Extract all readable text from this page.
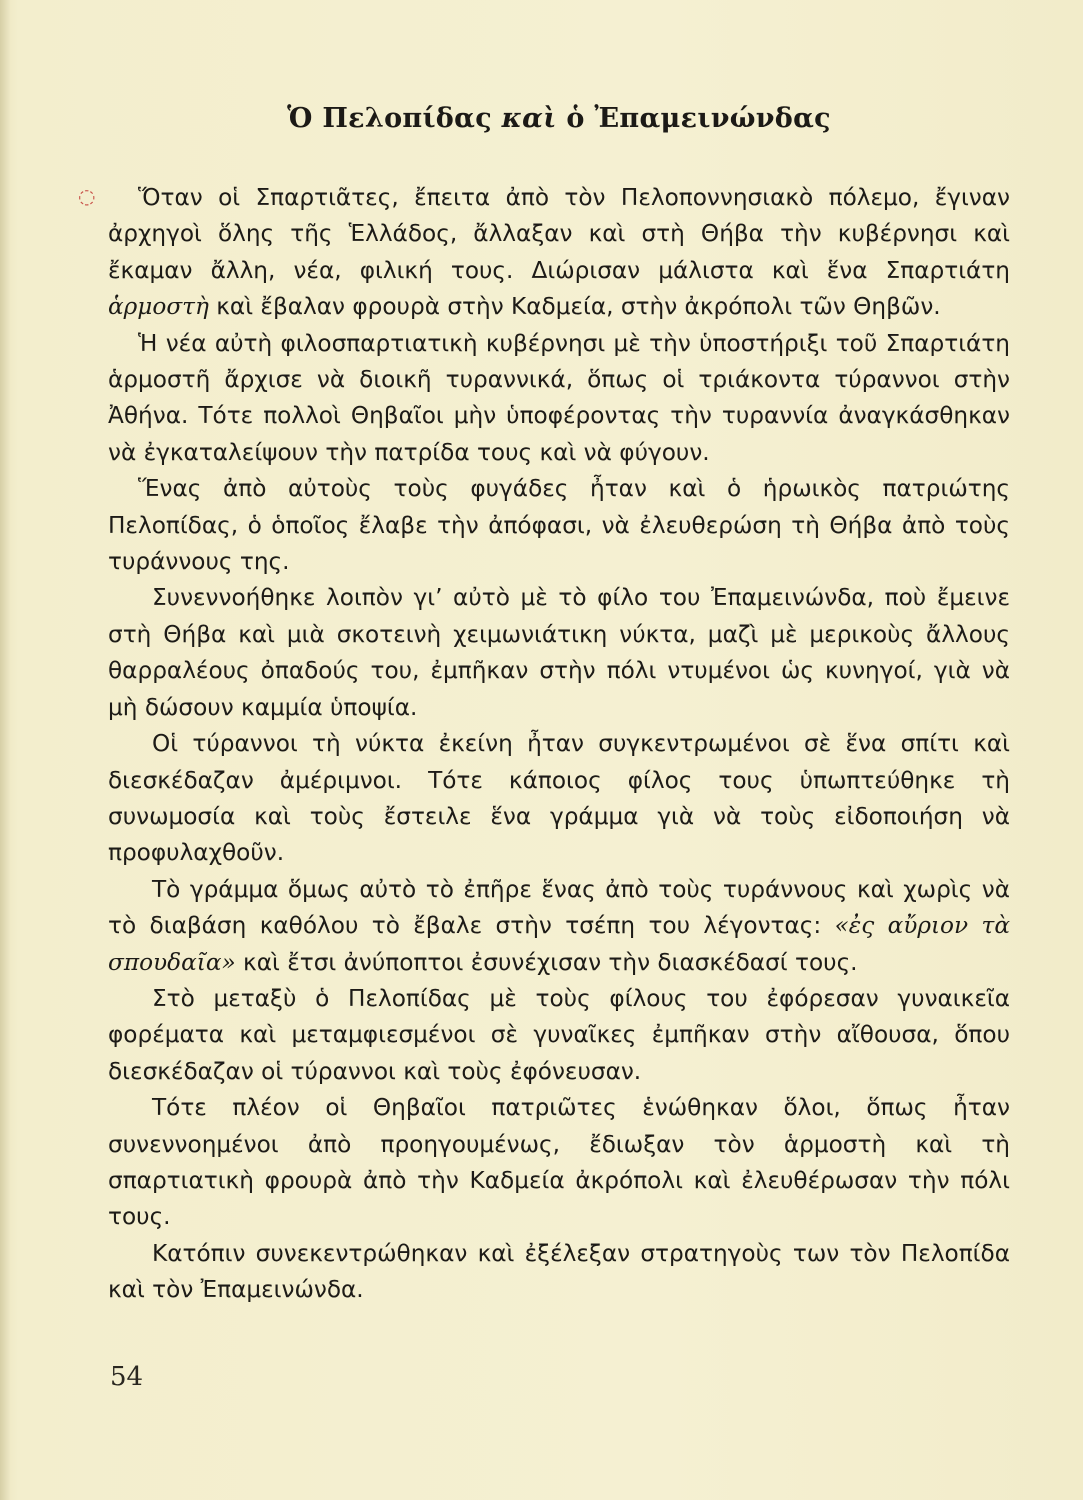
Ὁ Πελοπίδας καὶ ὁ Ἐπαμεινώνδας
◌	Ὅταν οἱ Σπαρτιᾶτες, ἔπειτα ἀπὸ τὸν Πελοποννησιακὸ πόλεμο, ἔγιναν ἀρχηγοὶ ὅλης τῆς Ἑλλάδος, ἄλλαξαν καὶ στὴ Θήβα τὴν κυβέρνησι καὶ ἔκαμαν ἄλλη, νέα, φιλική τους. Διώρισαν μάλιστα καὶ ἕνα Σπαρτιάτη ἁρμοστὴ καὶ ἔβαλαν φρουρὰ στὴν Καδμεία, στὴν ἀκρόπολι τῶν Θηβῶν.

Ἡ νέα αὐτὴ φιλοσπαρτιατικὴ κυβέρνησι μὲ τὴν ὑποστήριξι τοῦ Σπαρτιάτη ἁρμοστῆ ἄρχισε νὰ διοικῆ τυραννικά, ὅπως οἱ τριάκοντα τύραννοι στὴν Ἀθήνα. Τότε πολλοὶ Θηβαῖοι μὴν ὑποφέροντας τὴν τυραννία ἀναγκάσθηκαν νὰ ἐγκαταλείψουν τὴν πατρίδα τους καὶ νὰ φύγουν.

Ἕνας ἀπὸ αὐτοὺς τοὺς φυγάδες ἦταν καὶ ὁ ἡρωικὸς πατριώτης Πελοπίδας, ὁ ὁποῖος ἔλαβε τὴν ἀπόφασι, νὰ ἐλευθερώση τὴ Θήβα ἀπὸ τοὺς τυράννους της.

Συνεννοήθηκε λοιπὸν γι’ αὐτὸ μὲ τὸ φίλο του Ἐπαμεινώνδα, ποὺ ἔμεινε στὴ Θήβα καὶ μιὰ σκοτεινὴ χειμωνιάτικη νύκτα, μαζὶ μὲ μερικοὺς ἄλλους θαρραλέους ὀπαδούς του, ἐμπῆκαν στὴν πόλι ντυμένοι ὡς κυνηγοί, γιὰ νὰ μὴ δώσουν καμμία ὑποψία.

Οἱ τύραννοι τὴ νύκτα ἐκείνη ἦταν συγκεντρωμένοι σὲ ἕνα σπίτι καὶ διεσκέδαζαν ἀμέριμνοι. Τότε κάποιος φίλος τους ὑπωπτεύθηκε τὴ συνωμοσία καὶ τοὺς ἔστειλε ἕνα γράμμα γιὰ νὰ τοὺς εἰδοποιήση νὰ προφυλαχθοῦν.

Τὸ γράμμα ὅμως αὐτὸ τὸ ἐπῆρε ἕνας ἀπὸ τοὺς τυράννους καὶ χωρὶς νὰ τὸ διαβάση καθόλου τὸ ἔβαλε στὴν τσέπη του λέγοντας: «ἐς αὔριον τὰ σπουδαῖα» καὶ ἔτσι ἀνύποπτοι ἐσυνέχισαν τὴν διασκέδασί τους.

Στὸ μεταξὺ ὁ Πελοπίδας μὲ τοὺς φίλους του ἐφόρεσαν γυναικεῖα φορέματα καὶ μεταμφιεσμένοι σὲ γυναῖκες ἐμπῆκαν στὴν αἴθουσα, ὅπου διεσκέδαζαν οἱ τύραννοι καὶ τοὺς ἐφόνευσαν.

Τότε πλέον οἱ Θηβαῖοι πατριῶτες ἑνώθηκαν ὅλοι, ὅπως ἦταν συνεννοημένοι ἀπὸ προηγουμένως, ἔδιωξαν τὸν ἁρμοστὴ καὶ τὴ σπαρτιατικὴ φρουρὰ ἀπὸ τὴν Καδμεία ἀκρόπολι καὶ ἐλευθέρωσαν τὴν πόλι τους.

Κατόπιν συνεκεντρώθηκαν καὶ ἐξέλεξαν στρατηγοὺς των τὸν Πελοπίδα καὶ τὸν Ἐπαμεινώνδα.

54
